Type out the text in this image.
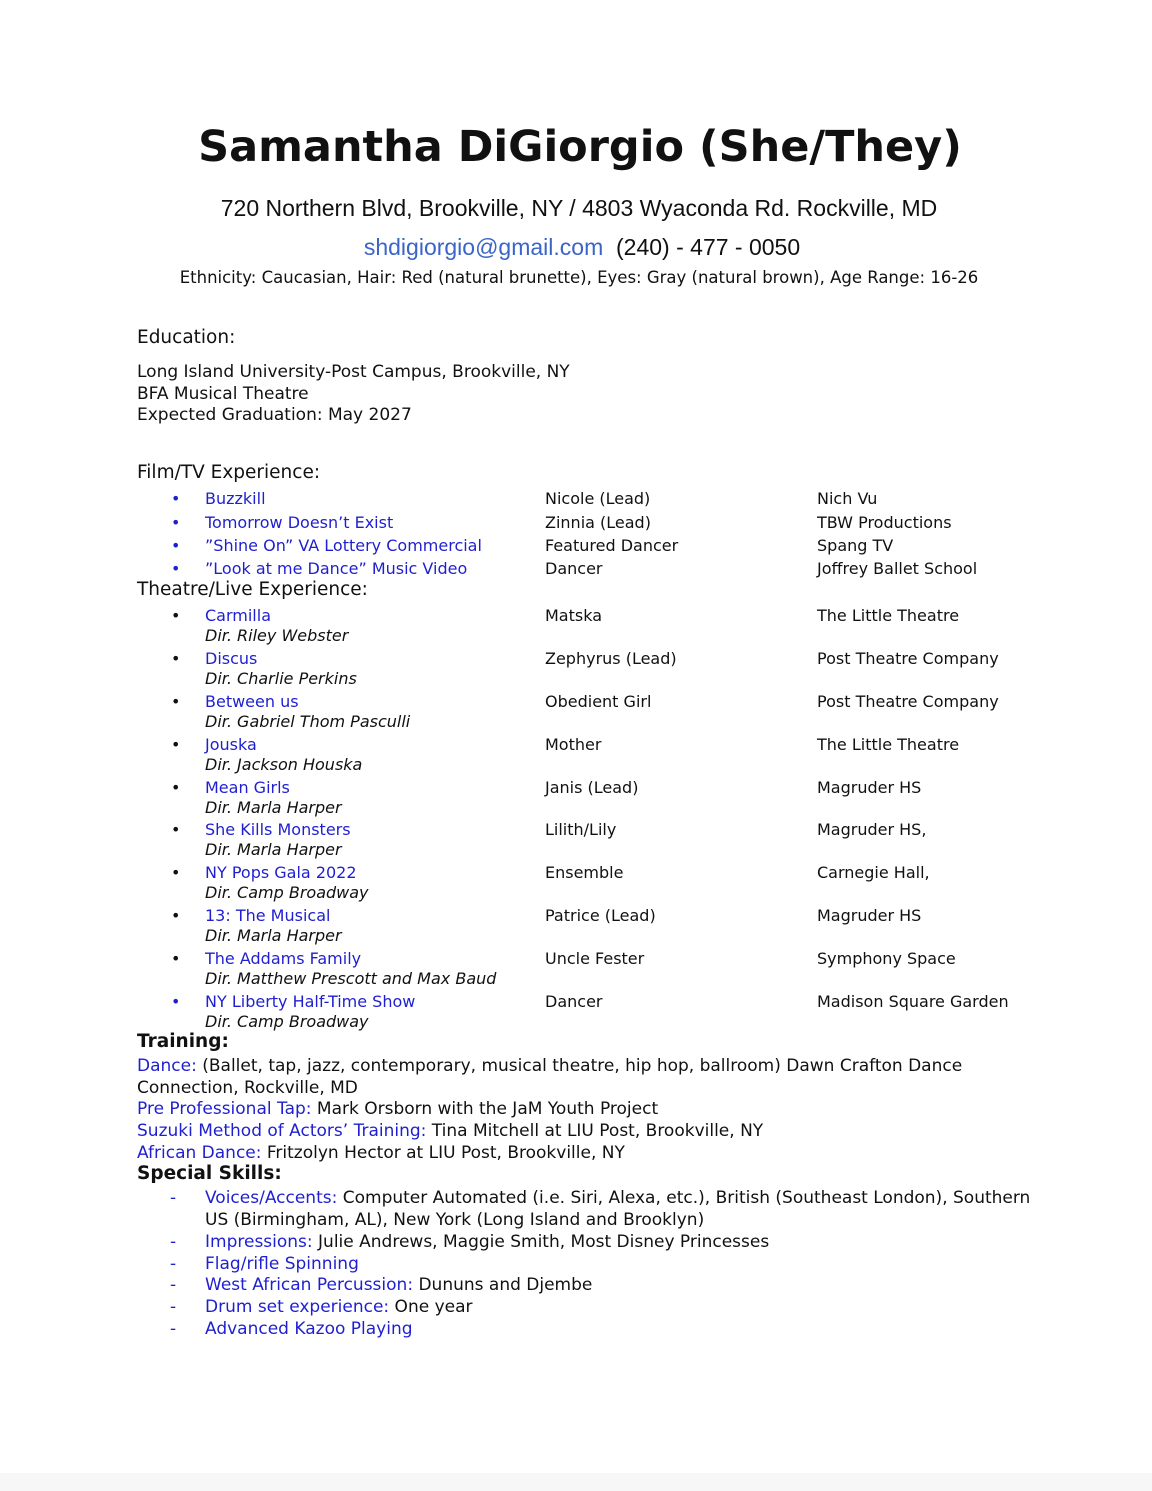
Samantha DiGiorgio (She/They)
720 Northern Blvd, Brookville, NY / 4803 Wyaconda Rd. Rockville, MD
shdigiorgio@gmail.com (240) - 477 - 0050
Ethnicity: Caucasian, Hair: Red (natural brunette), Eyes: Gray (natural brown), Age Range: 16-26
Education:
Long Island University-Post Campus, Brookville, NY
BFA Musical Theatre
Expected Graduation: May 2027
Film/TV Experience:
• Buzzkill	Nicole (Lead)	Nich Vu
• Tomorrow Doesn’t Exist	Zinnia (Lead)	TBW Productions
• ”Shine On” VA Lottery Commercial	Featured Dancer	Spang TV
• ”Look at me Dance” Music Video	Dancer	Joffrey Ballet School
Theatre/Live Experience:
• Carmilla
Dir. Riley Webster
Matska	The Little Theatre
• Discus
Dir. Charlie Perkins
Zephyrus (Lead)	Post Theatre Company
• Between us
Dir. Gabriel Thom Pasculli
Obedient Girl	Post Theatre Company
• Jouska
Dir. Jackson Houska
Mother	The Little Theatre
• Mean Girls
Dir. Marla Harper
Janis (Lead)	Magruder HS
• She Kills Monsters
Dir. Marla Harper
Lilith/Lily	Magruder HS,
• NY Pops Gala 2022
Dir. Camp Broadway
Ensemble	Carnegie Hall,
• 13: The Musical
Dir. Marla Harper
Patrice (Lead)	Magruder HS
• The Addams Family
Dir. Matthew Prescott and Max Baud
Uncle Fester	Symphony Space
• NY Liberty Half-Time Show
Dir. Camp Broadway
Dancer	Madison Square Garden
Training:
Dance: (Ballet, tap, jazz, contemporary, musical theatre, hip hop, ballroom) Dawn Crafton Dance Connection, Rockville, MD
Pre Professional Tap: Mark Orsborn with the JaM Youth Project
Suzuki Method of Actors’ Training: Tina Mitchell at LIU Post, Brookville, NY
African Dance: Fritzolyn Hector at LIU Post, Brookville, NY
Special Skills:
- Voices/Accents: Computer Automated (i.e. Siri, Alexa, etc.), British (Southeast London), Southern US (Birmingham, AL), New York (Long Island and Brooklyn)
- Impressions: Julie Andrews, Maggie Smith, Most Disney Princesses
- Flag/rifle Spinning
- West African Percussion: Dununs and Djembe
- Drum set experience: One year
- Advanced Kazoo Playing
